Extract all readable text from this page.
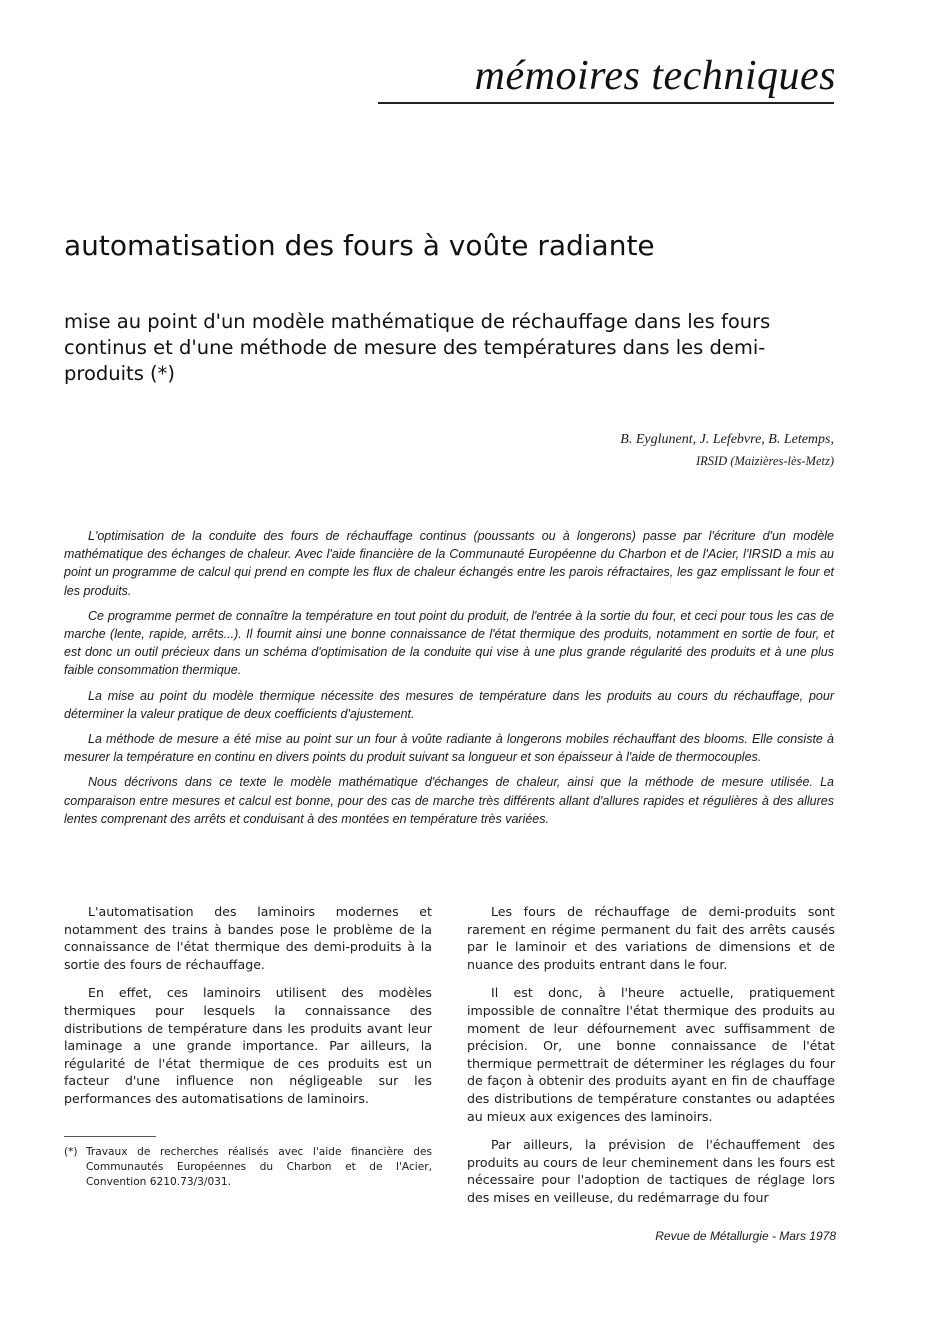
mémoires techniques
automatisation des fours à voûte radiante
mise au point d'un modèle mathématique de réchauffage dans les fours continus et d'une méthode de mesure des températures dans les demi-produits (*)
B. Eyglunent, J. Lefebvre, B. Letemps,
IRSID (Maizières-lès-Metz)

L'optimisation de la conduite des fours de réchauffage continus (poussants ou à longerons) passe par l'écriture d'un modèle mathématique des échanges de chaleur. Avec l'aide financière de la Communauté Européenne du Charbon et de l'Acier, l'IRSID a mis au point un programme de calcul qui prend en compte les flux de chaleur échangés entre les parois réfractaires, les gaz emplissant le four et les produits.

Ce programme permet de connaître la température en tout point du produit, de l'entrée à la sortie du four, et ceci pour tous les cas de marche (lente, rapide, arrêts...). Il fournit ainsi une bonne connaissance de l'état thermique des produits, notamment en sortie de four, et est donc un outil précieux dans un schéma d'optimisation de la conduite qui vise à une plus grande régularité des produits et à une plus faible consommation thermique.

La mise au point du modèle thermique nécessite des mesures de température dans les produits au cours du réchauffage, pour déterminer la valeur pratique de deux coefficients d'ajustement.

La méthode de mesure a été mise au point sur un four à voûte radiante à longerons mobiles réchauffant des blooms. Elle consiste à mesurer la température en continu en divers points du produit suivant sa longueur et son épaisseur à l'aide de thermocouples.

Nous décrivons dans ce texte le modèle mathématique d'échanges de chaleur, ainsi que la méthode de mesure utilisée. La comparaison entre mesures et calcul est bonne, pour des cas de marche très différents allant d'allures rapides et régulières à des allures lentes comprenant des arrêts et conduisant à des montées en température très variées.

L'automatisation des laminoirs modernes et notamment des trains à bandes pose le problème de la connaissance de l'état thermique des demi-produits à la sortie des fours de réchauffage.

En effet, ces laminoirs utilisent des modèles thermiques pour lesquels la connaissance des distributions de température dans les produits avant leur laminage a une grande importance. Par ailleurs, la régularité de l'état thermique de ces produits est un facteur d'une influence non négligeable sur les performances des automatisations de laminoirs.

Les fours de réchauffage de demi-produits sont rarement en régime permanent du fait des arrêts causés par le laminoir et des variations de dimensions et de nuance des produits entrant dans le four.

Il est donc, à l'heure actuelle, pratiquement impossible de connaître l'état thermique des produits au moment de leur défournement avec suffisamment de précision. Or, une bonne connaissance de l'état thermique permettrait de déterminer les réglages du four de façon à obtenir des produits ayant en fin de chauffage des distributions de température constantes ou adaptées au mieux aux exigences des laminoirs.

Par ailleurs, la prévision de l'échauffement des produits au cours de leur cheminement dans les fours est nécessaire pour l'adoption de tactiques de réglage lors des mises en veilleuse, du redémarrage du four

(*) Travaux de recherches réalisés avec l'aide financière des Communautés Européennes du Charbon et de l'Acier, Convention 6210.73/3/031.
Revue de Métallurgie - Mars 1978
